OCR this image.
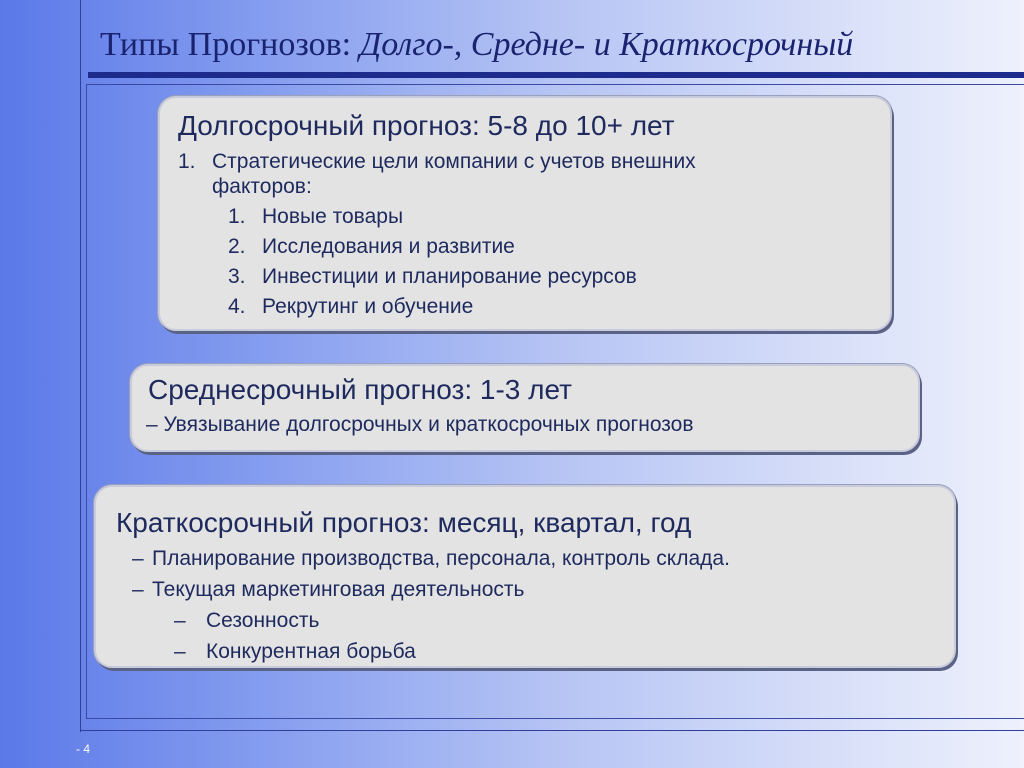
Типы Прогнозов: Долго-, Средне- и Краткосрочный
- 4
Долгосрочный прогноз: 5-8 до 10+ лет
1. Стратегические цели компании с учетов внешних
факторов:
1. Новые товары
2. Исследования и развитие
3. Инвестиции и планирование ресурсов
4. Рекрутинг и обучение
Среднесрочный прогноз: 1-3 лет
– Увязывание долгосрочных и краткосрочных прогнозов
Краткосрочный прогноз: месяц, квартал, год
– Планирование производства, персонала, контроль склада.
– Текущая маркетинговая деятельность
– Сезонность
– Конкурентная борьба
